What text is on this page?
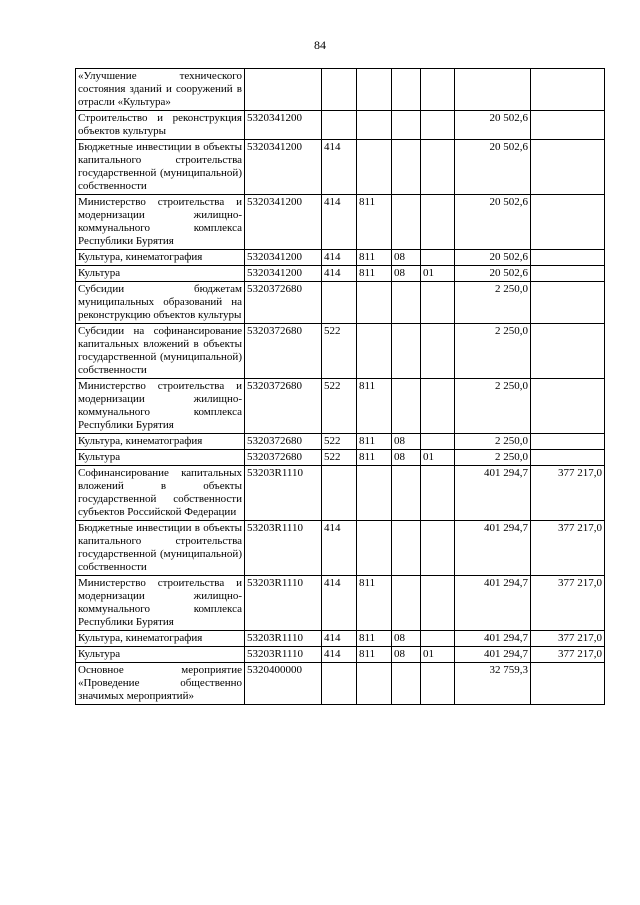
84
«Улучшение технического состояния зданий и сооружений в отрасли «Культура»							
Строительство и реконструкция объектов культуры	5320341200					20 502,6	
Бюджетные инвестиции в объекты капитального строительства государственной (муниципальной) собственности	5320341200	414				20 502,6	
Министерство строительства и модернизации жилищно-коммунального комплекса Республики Бурятия	5320341200	414	811			20 502,6	
Культура, кинематография	5320341200	414	811	08		20 502,6	
Культура	5320341200	414	811	08	01	20 502,6	
Субсидии бюджетам муниципальных образований на реконструкцию объектов культуры	5320372680					2 250,0	
Субсидии на софинансирование капитальных вложений в объекты государственной (муниципальной) собственности	5320372680	522				2 250,0	
Министерство строительства и модернизации жилищно-коммунального комплекса Республики Бурятия	5320372680	522	811			2 250,0	
Культура, кинематография	5320372680	522	811	08		2 250,0	
Культура	5320372680	522	811	08	01	2 250,0	
Софинансирование капитальных вложений в объекты государственной собственности субъектов Российской Федерации	53203R1110					401 294,7	377 217,0
Бюджетные инвестиции в объекты капитального строительства государственной (муниципальной) собственности	53203R1110	414				401 294,7	377 217,0
Министерство строительства и модернизации жилищно-коммунального комплекса Республики Бурятия	53203R1110	414	811			401 294,7	377 217,0
Культура, кинематография	53203R1110	414	811	08		401 294,7	377 217,0
Культура	53203R1110	414	811	08	01	401 294,7	377 217,0
Основное мероприятие «Проведение общественно значимых мероприятий»	5320400000					32 759,3	
